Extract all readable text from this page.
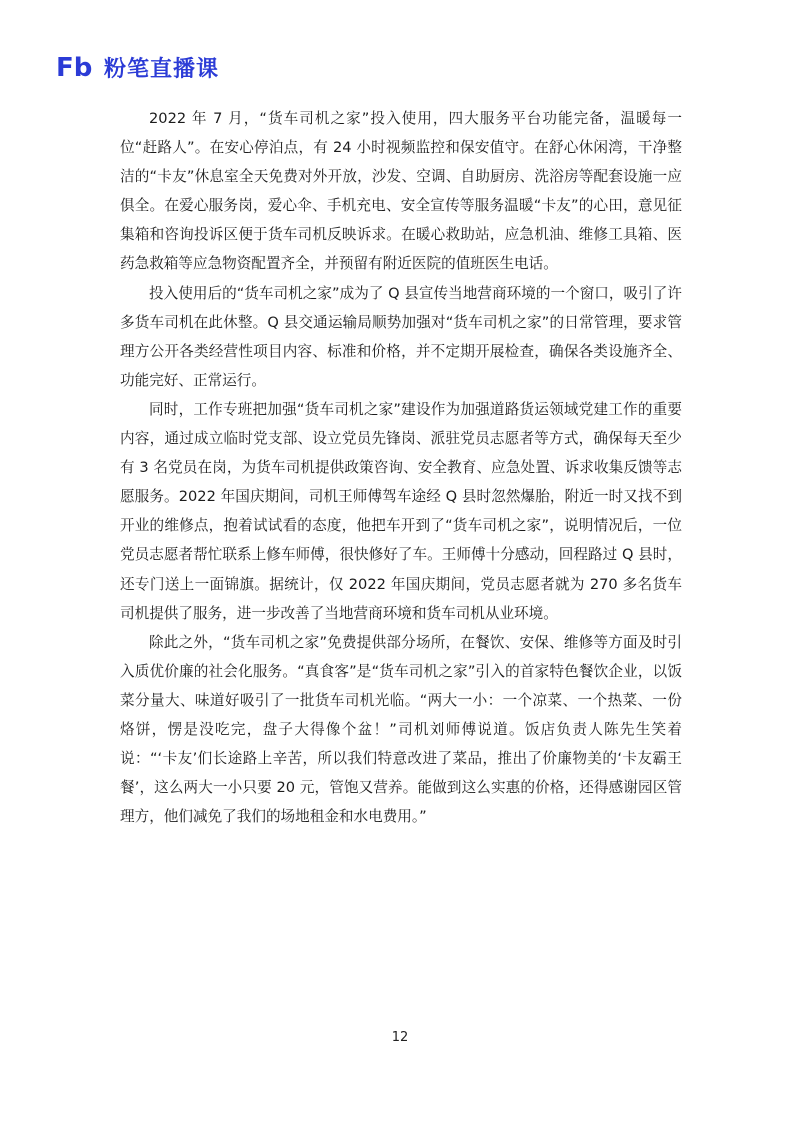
Fb 粉笔直播课

2022 年 7 月，“货车司机之家”投入使用，四大服务平台功能完备，温暖每一位“赶路人”。在安心停泊点，有 24 小时视频监控和保安值守。在舒心休闲湾，干净整洁的“卡友”休息室全天免费对外开放，沙发、空调、自助厨房、洗浴房等配套设施一应俱全。在爱心服务岗，爱心伞、手机充电、安全宣传等服务温暖“卡友”的心田，意见征集箱和咨询投诉区便于货车司机反映诉求。在暖心救助站，应急机油、维修工具箱、医药急救箱等应急物资配置齐全，并预留有附近医院的值班医生电话。

投入使用后的“货车司机之家”成为了 Q 县宣传当地营商环境的一个窗口，吸引了许多货车司机在此休整。Q 县交通运输局顺势加强对“货车司机之家”的日常管理，要求管理方公开各类经营性项目内容、标准和价格，并不定期开展检查，确保各类设施齐全、功能完好、正常运行。

同时，工作专班把加强“货车司机之家”建设作为加强道路货运领域党建工作的重要内容，通过成立临时党支部、设立党员先锋岗、派驻党员志愿者等方式，确保每天至少有 3 名党员在岗，为货车司机提供政策咨询、安全教育、应急处置、诉求收集反馈等志愿服务。2022 年国庆期间，司机王师傅驾车途经 Q 县时忽然爆胎，附近一时又找不到开业的维修点，抱着试试看的态度，他把车开到了“货车司机之家”，说明情况后，一位党员志愿者帮忙联系上修车师傅，很快修好了车。王师傅十分感动，回程路过 Q 县时，还专门送上一面锦旗。据统计，仅 2022 年国庆期间，党员志愿者就为 270 多名货车司机提供了服务，进一步改善了当地营商环境和货车司机从业环境。

除此之外，“货车司机之家”免费提供部分场所，在餐饮、安保、维修等方面及时引入质优价廉的社会化服务。“真食客”是“货车司机之家”引入的首家特色餐饮企业，以饭菜分量大、味道好吸引了一批货车司机光临。“两大一小：一个凉菜、一个热菜、一份烙饼，愣是没吃完，盘子大得像个盆！”司机刘师傅说道。饭店负责人陈先生笑着说：“‘卡友’们长途路上辛苦，所以我们特意改进了菜品，推出了价廉物美的‘卡友霸王餐’，这么两大一小只要 20 元，管饱又营养。能做到这么实惠的价格，还得感谢园区管理方，他们减免了我们的场地租金和水电费用。”

12
